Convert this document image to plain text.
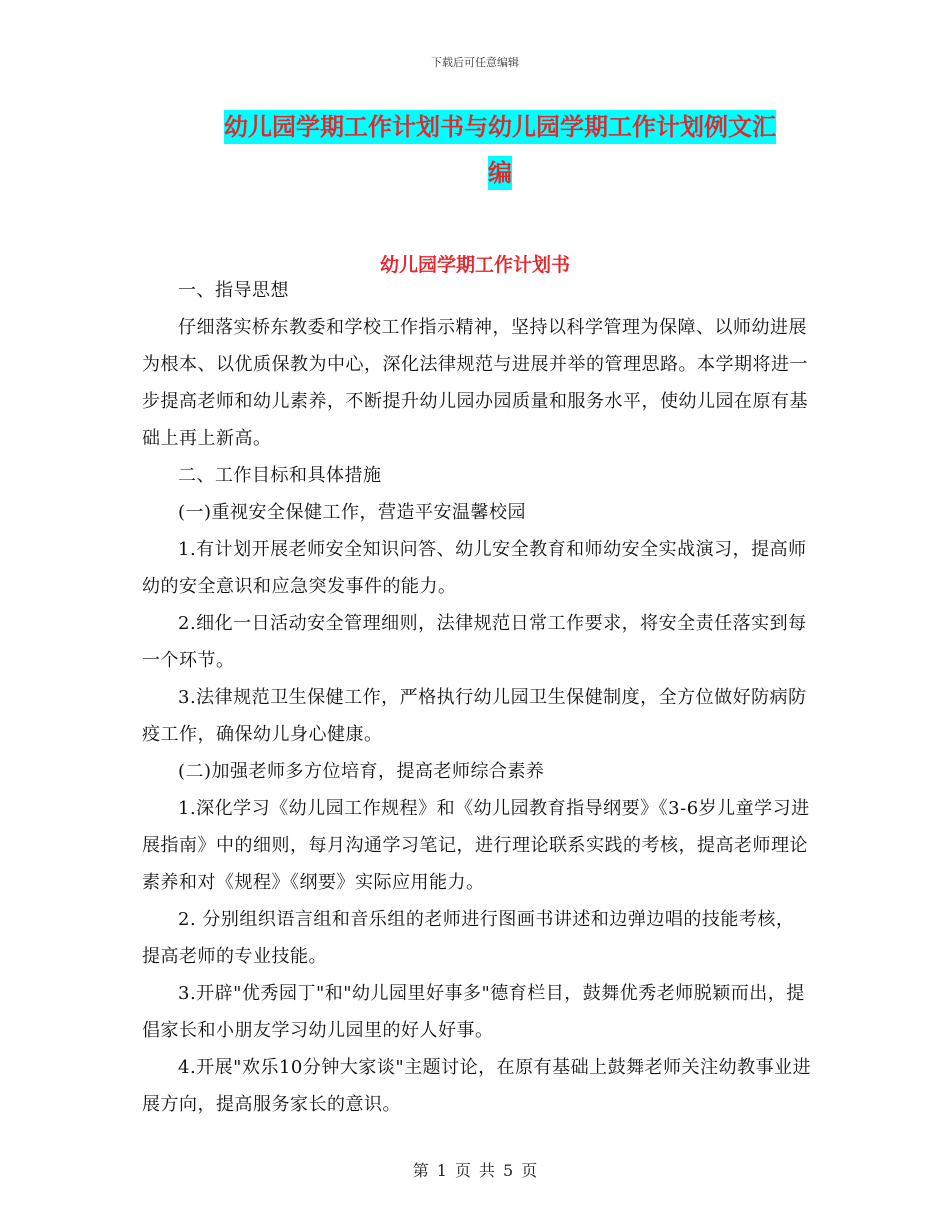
下载后可任意编辑
幼儿园学期工作计划书与幼儿园学期工作计划例文汇
编
幼儿园学期工作计划书

一、指导思想

仔细落实桥东教委和学校工作指示精神，坚持以科学管理为保障、以师幼进展为根本、以优质保教为中心，深化法律规范与进展并举的管理思路。本学期将进一步提高老师和幼儿素养，不断提升幼儿园办园质量和服务水平，使幼儿园在原有基础上再上新高。

二、工作目标和具体措施

(一)重视安全保健工作，营造平安温馨校园

1.有计划开展老师安全知识问答、幼儿安全教育和师幼安全实战演习，提高师幼的安全意识和应急突发事件的能力。

2.细化一日活动安全管理细则，法律规范日常工作要求，将安全责任落实到每一个环节。

3.法律规范卫生保健工作，严格执行幼儿园卫生保健制度，全方位做好防病防疫工作，确保幼儿身心健康。

(二)加强老师多方位培育，提高老师综合素养

1.深化学习《幼儿园工作规程》和《幼儿园教育指导纲要》《3-6岁儿童学习进展指南》中的细则，每月沟通学习笔记，进行理论联系实践的考核，提高老师理论素养和对《规程》《纲要》实际应用能力。

2. 分别组织语言组和音乐组的老师进行图画书讲述和边弹边唱的技能考核，提高老师的专业技能。

3.开辟"优秀园丁"和"幼儿园里好事多"德育栏目，鼓舞优秀老师脱颖而出，提倡家长和小朋友学习幼儿园里的好人好事。

4.开展"欢乐10分钟大家谈"主题讨论，在原有基础上鼓舞老师关注幼教事业进展方向，提高服务家长的意识。

第 1 页 共 5 页
